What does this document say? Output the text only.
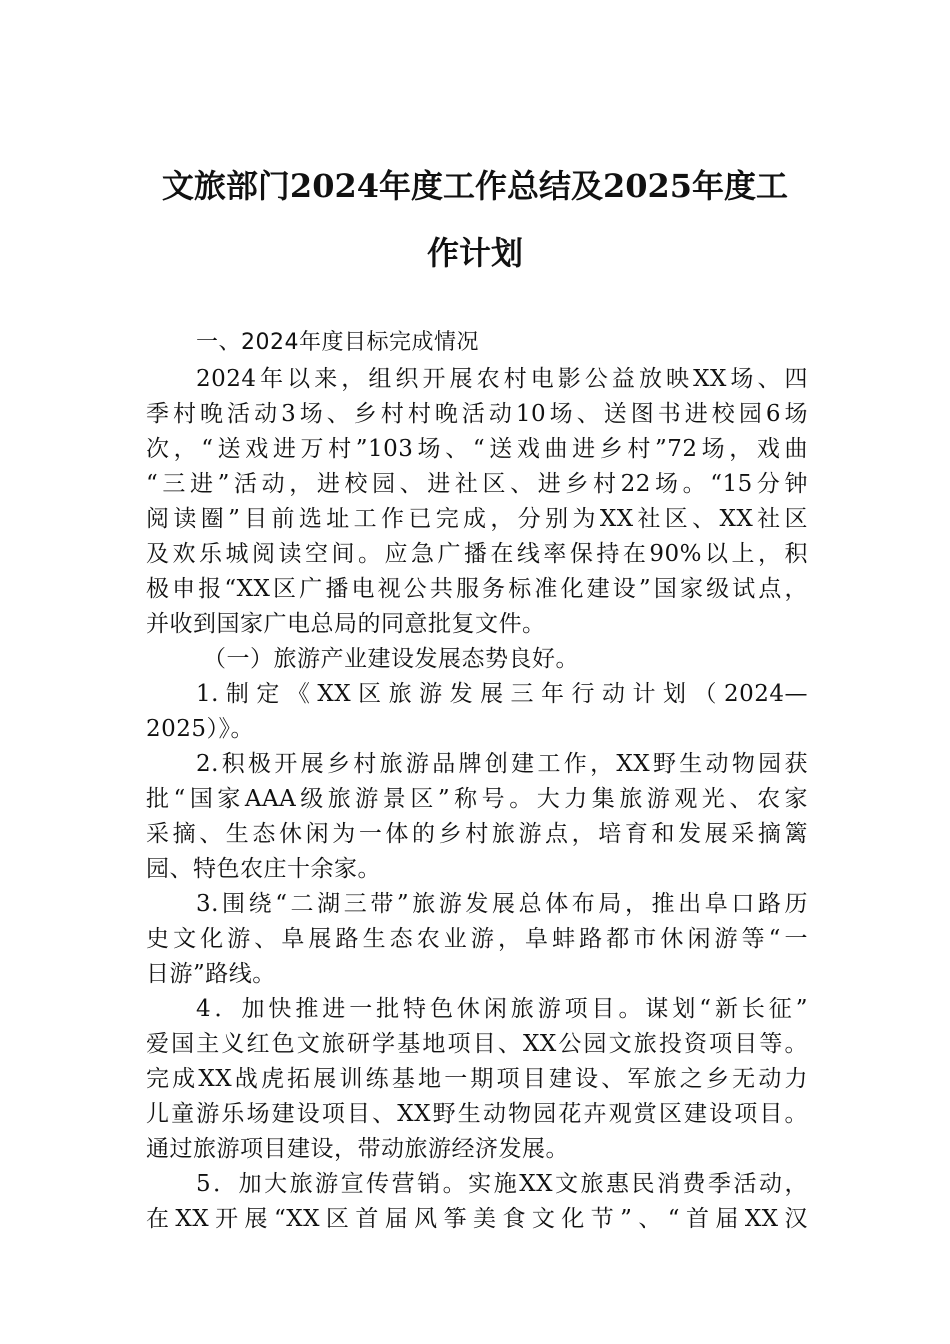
文旅部门2024年度工作总结及2025年度工
作计划
一、2024年度目标完成情况
2024年以来，组织开展农村电影公益放映XX场、四
季村晚活动3场、乡村村晚活动10场、送图书进校园6场
次，“送戏进万村”103场、“送戏曲进乡村”72场，戏曲
“三进”活动，进校园、进社区、进乡村22场。“15分钟
阅读圈”目前选址工作已完成，分别为XX社区、XX社区
及欢乐城阅读空间。应急广播在线率保持在90%以上，积
极申报“XX区广播电视公共服务标准化建设”国家级试点，
并收到国家广电总局的同意批复文件。
（一）旅游产业建设发展态势良好。
1.制定《XX区旅游发展三年行动计划（2024—
2025）》。
2.积极开展乡村旅游品牌创建工作，XX野生动物园获
批“国家AAA级旅游景区”称号。大力集旅游观光、农家
采摘、生态休闲为一体的乡村旅游点，培育和发展采摘篱
园、特色农庄十余家。
3.围绕“二湖三带”旅游发展总体布局，推出阜口路历
史文化游、阜展路生态农业游，阜蚌路都市休闲游等“一
日游”路线。
4．加快推进一批特色休闲旅游项目。谋划“新长征”
爱国主义红色文旅研学基地项目、XX公园文旅投资项目等。
完成XX战虎拓展训练基地一期项目建设、军旅之乡无动力
儿童游乐场建设项目、XX野生动物园花卉观赏区建设项目。
通过旅游项目建设，带动旅游经济发展。
5．加大旅游宣传营销。实施XX文旅惠民消费季活动，
在XX开展“XX区首届风筝美食文化节”、“首届XX汉
